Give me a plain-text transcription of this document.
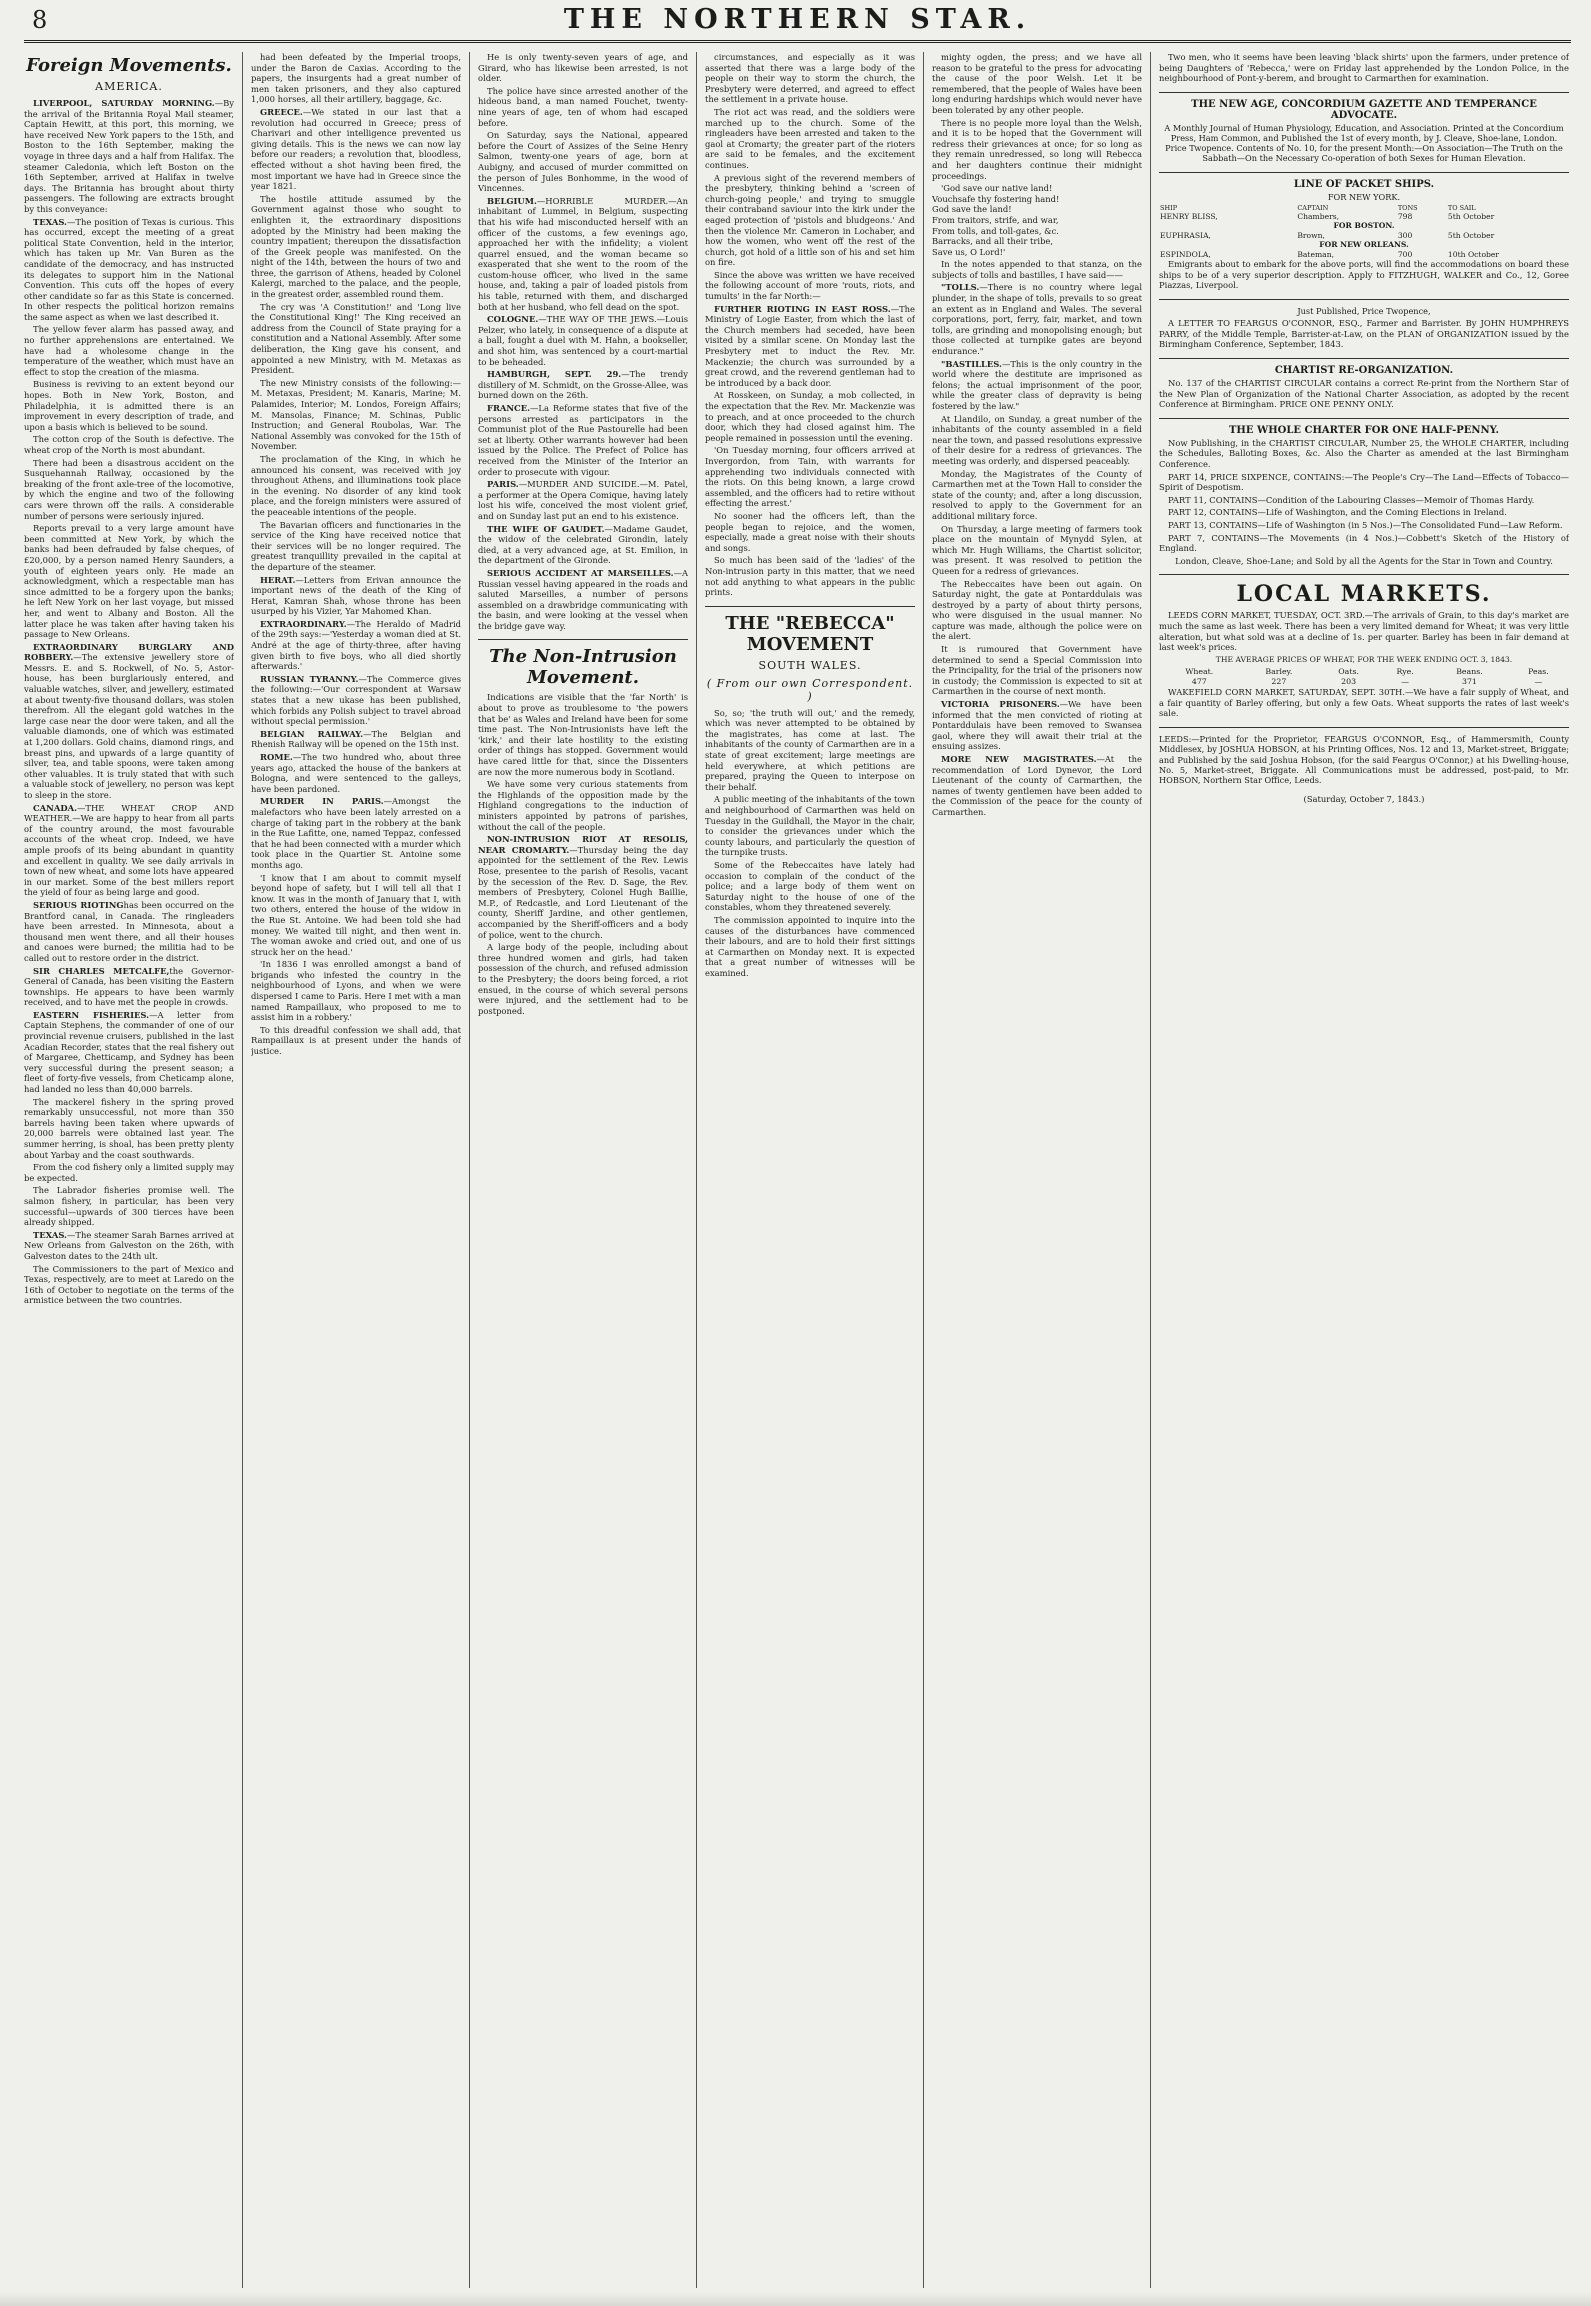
8	THE NORTHERN STAR.
Foreign Movements.
AMERICA.

LIVERPOOL, SATURDAY MORNING.—By the arrival of the Britannia Royal Mail steamer, Captain Hewitt, at this port, this morning, we have received New York papers to the 15th, and Boston to the 16th September, making the voyage in three days and a half from Halifax. The steamer Caledonia, which left Boston on the 16th September, arrived at Halifax in twelve days. The Britannia has brought about thirty passengers. The following are extracts brought by this conveyance:

TEXAS.—The position of Texas is curious. This has occurred, except the meeting of a great political State Convention, held in the interior, which has taken up Mr. Van Buren as the candidate of the democracy, and has instructed its delegates to support him in the National Convention. This cuts off the hopes of every other candidate so far as this State is concerned. In other respects the political horizon remains the same aspect as when we last described it.

The yellow fever alarm has passed away, and no further apprehensions are entertained. We have had a wholesome change in the temperature of the weather, which must have an effect to stop the creation of the miasma.

Business is reviving to an extent beyond our hopes. Both in New York, Boston, and Philadelphia, it is admitted there is an improvement in every description of trade, and upon a basis which is believed to be sound.

The cotton crop of the South is defective. The wheat crop of the North is most abundant.

There had been a disastrous accident on the Susquehannah Railway, occasioned by the breaking of the front axle-tree of the locomotive, by which the engine and two of the following cars were thrown off the rails. A considerable number of persons were seriously injured.

Reports prevail to a very large amount have been committed at New York, by which the banks had been defrauded by false cheques, of £20,000, by a person named Henry Saunders, a youth of eighteen years only. He made an acknowledgment, which a respectable man has since admitted to be a forgery upon the banks; he left New York on her last voyage, but missed her, and went to Albany and Boston. All the latter place he was taken after having taken his passage to New Orleans.

EXTRAORDINARY BURGLARY AND ROBBERY.—The extensive jewellery store of Messrs. E. and S. Rockwell, of No. 5, Astor-house, has been burglariously entered, and valuable watches, silver, and jewellery, estimated at about twenty-five thousand dollars, was stolen therefrom. All the elegant gold watches in the large case near the door were taken, and all the valuable diamonds, one of which was estimated at 1,200 dollars. Gold chains, diamond rings, and breast pins, and upwards of a large quantity of silver, tea, and table spoons, were taken among other valuables. It is truly stated that with such a valuable stock of jewellery, no person was kept to sleep in the store.

CANADA.—THE WHEAT CROP AND WEATHER.—We are happy to hear from all parts of the country around, the most favourable accounts of the wheat crop. Indeed, we have ample proofs of its being abundant in quantity and excellent in quality. We see daily arrivals in town of new wheat, and some lots have appeared in our market. Some of the best millers report the yield of four as being large and good.

SERIOUS RIOTINGhas been occurred on the Brantford canal, in Canada. The ringleaders have been arrested. In Minnesota, about a thousand men went there, and all their houses and canoes were burned; the militia had to be called out to restore order in the district.

SIR CHARLES METCALFE,the Governor-General of Canada, has been visiting the Eastern townships. He appears to have been warmly received, and to have met the people in crowds.

EASTERN FISHERIES.—A letter from Captain Stephens, the commander of one of our provincial revenue cruisers, published in the last Acadian Recorder, states that the real fishery out of Margaree, Chetticamp, and Sydney has been very successful during the present season; a fleet of forty-five vessels, from Cheticamp alone, had landed no less than 40,000 barrels.

The mackerel fishery in the spring proved remarkably unsuccessful, not more than 350 barrels having been taken where upwards of 20,000 barrels were obtained last year. The summer herring, is shoal, has been pretty plenty about Yarbay and the coast southwards.

From the cod fishery only a limited supply may be expected.

The Labrador fisheries promise well. The salmon fishery, in particular, has been very successful—upwards of 300 tierces have been already shipped.

TEXAS.—The steamer Sarah Barnes arrived at New Orleans from Galveston on the 26th, with Galveston dates to the 24th ult.

The Commissioners to the part of Mexico and Texas, respectively, are to meet at Laredo on the 16th of October to negotiate on the terms of the armistice between the two countries.

had been defeated by the Imperial troops, under the Baron de Caxias. According to the papers, the insurgents had a great number of men taken prisoners, and they also captured 1,000 horses, all their artillery, baggage, &c.

GREECE.—We stated in our last that a revolution had occurred in Greece; press of Charivari and other intelligence prevented us giving details. This is the news we can now lay before our readers; a revolution that, bloodless, effected without a shot having been fired, the most important we have had in Greece since the year 1821.

The hostile attitude assumed by the Government against those who sought to enlighten it, the extraordinary dispositions adopted by the Ministry had been making the country impatient; thereupon the dissatisfaction of the Greek people was manifested. On the night of the 14th, between the hours of two and three, the garrison of Athens, headed by Colonel Kalergi, marched to the palace, and the people, in the greatest order, assembled round them.

The cry was 'A Constitution!' and 'Long live the Constitutional King!' The King received an address from the Council of State praying for a constitution and a National Assembly. After some deliberation, the King gave his consent, and appointed a new Ministry, with M. Metaxas as President.

The new Ministry consists of the following:—M. Metaxas, President; M. Kanaris, Marine; M. Palamides, Interior; M. Londos, Foreign Affairs; M. Mansolas, Finance; M. Schinas, Public Instruction; and General Roubolas, War. The National Assembly was convoked for the 15th of November.

The proclamation of the King, in which he announced his consent, was received with joy throughout Athens, and illuminations took place in the evening. No disorder of any kind took place, and the foreign ministers were assured of the peaceable intentions of the people.

The Bavarian officers and functionaries in the service of the King have received notice that their services will be no longer required. The greatest tranquillity prevailed in the capital at the departure of the steamer.

HERAT.—Letters from Erivan announce the important news of the death of the King of Herat, Kamran Shah, whose throne has been usurped by his Vizier, Yar Mahomed Khan.

EXTRAORDINARY.—The Heraldo of Madrid of the 29th says:—'Yesterday a woman died at St. André at the age of thirty-three, after having given birth to five boys, who all died shortly afterwards.'

RUSSIAN TYRANNY.—The Commerce gives the following:—'Our correspondent at Warsaw states that a new ukase has been published, which forbids any Polish subject to travel abroad without special permission.'

BELGIAN RAILWAY.—The Belgian and Rhenish Railway will be opened on the 15th inst.

ROME.—The two hundred who, about three years ago, attacked the house of the bankers at Bologna, and were sentenced to the galleys, have been pardoned.

MURDER IN PARIS.—Amongst the malefactors who have been lately arrested on a charge of taking part in the robbery at the bank in the Rue Lafitte, one, named Teppaz, confessed that he had been connected with a murder which took place in the Quartier St. Antoine some months ago.

'I know that I am about to commit myself beyond hope of safety, but I will tell all that I know. It was in the month of January that I, with two others, entered the house of the widow in the Rue St. Antoine. We had been told she had money. We waited till night, and then went in. The woman awoke and cried out, and one of us struck her on the head.'

'In 1836 I was enrolled amongst a band of brigands who infested the country in the neighbourhood of Lyons, and when we were dispersed I came to Paris. Here I met with a man named Rampaillaux, who proposed to me to assist him in a robbery.'

To this dreadful confession we shall add, that Rampaillaux is at present under the hands of justice.

He is only twenty-seven years of age, and Girard, who has likewise been arrested, is not older.

The police have since arrested another of the hideous band, a man named Fouchet, twenty-nine years of age, ten of whom had escaped before.

On Saturday, says the National, appeared before the Court of Assizes of the Seine Henry Salmon, twenty-one years of age, born at Aubigny, and accused of murder committed on the person of Jules Bonhomme, in the wood of Vincennes.

BELGIUM.—HORRIBLE MURDER.—An inhabitant of Lummel, in Belgium, suspecting that his wife had misconducted herself with an officer of the customs, a few evenings ago, approached her with the infidelity; a violent quarrel ensued, and the woman became so exasperated that she went to the room of the custom-house officer, who lived in the same house, and, taking a pair of loaded pistols from his table, returned with them, and discharged both at her husband, who fell dead on the spot.

COLOGNE.—THE WAY OF THE JEWS.—Louis Pelzer, who lately, in consequence of a dispute at a ball, fought a duel with M. Hahn, a bookseller, and shot him, was sentenced by a court-martial to be beheaded.

HAMBURGH, SEPT. 29.—The trendy distillery of M. Schmidt, on the Grosse-Allee, was burned down on the 26th.

FRANCE.—La Reforme states that five of the persons arrested as participators in the Communist plot of the Rue Pastourelle had been set at liberty. Other warrants however had been issued by the Police. The Prefect of Police has received from the Minister of the Interior an order to prosecute with vigour.

PARIS.—MURDER AND SUICIDE.—M. Patel, a performer at the Opera Comique, having lately lost his wife, conceived the most violent grief, and on Sunday last put an end to his existence.

THE WIFE OF GAUDET.—Madame Gaudet, the widow of the celebrated Girondin, lately died, at a very advanced age, at St. Emilion, in the department of the Gironde.

SERIOUS ACCIDENT AT MARSEILLES.—A Russian vessel having appeared in the roads and saluted Marseilles, a number of persons assembled on a drawbridge communicating with the basin, and were looking at the vessel when the bridge gave way.

The Non-Intrusion Movement.

Indications are visible that the 'far North' is about to prove as troublesome to 'the powers that be' as Wales and Ireland have been for some time past. The Non-Intrusionists have left the 'kirk,' and their late hostility to the existing order of things has stopped. Government would have cared little for that, since the Dissenters are now the more numerous body in Scotland.

We have some very curious statements from the Highlands of the opposition made by the Highland congregations to the induction of ministers appointed by patrons of parishes, without the call of the people.

NON-INTRUSION RIOT AT RESOLIS, NEAR CROMARTY.—Thursday being the day appointed for the settlement of the Rev. Lewis Rose, presentee to the parish of Resolis, vacant by the secession of the Rev. D. Sage, the Rev. members of Presbytery, Colonel Hugh Baillie, M.P., of Redcastle, and Lord Lieutenant of the county, Sheriff Jardine, and other gentlemen, accompanied by the Sheriff-officers and a body of police, went to the church.

A large body of the people, including about three hundred women and girls, had taken possession of the church, and refused admission to the Presbytery; the doors being forced, a riot ensued, in the course of which several persons were injured, and the settlement had to be postponed.

circumstances, and especially as it was asserted that there was a large body of the people on their way to storm the church, the Presbytery were deterred, and agreed to effect the settlement in a private house.

The riot act was read, and the soldiers were marched up to the church. Some of the ringleaders have been arrested and taken to the gaol at Cromarty; the greater part of the rioters are said to be females, and the excitement continues.

A previous sight of the reverend members of the presbytery, thinking behind a 'screen of church-going people,' and trying to smuggle their contraband saviour into the kirk under the eaged protection of 'pistols and bludgeons.' And then the violence Mr. Cameron in Lochaber, and how the women, who went off the rest of the church, got hold of a little son of his and set him on fire.

Since the above was written we have received the following account of more 'routs, riots, and tumults' in the far North:—

FURTHER RIOTING IN EAST ROSS.—The Ministry of Logie Easter, from which the last of the Church members had seceded, have been visited by a similar scene. On Monday last the Presbytery met to induct the Rev. Mr. Mackenzie; the church was surrounded by a great crowd, and the reverend gentleman had to be introduced by a back door.

At Rosskeen, on Sunday, a mob collected, in the expectation that the Rev. Mr. Mackenzie was to preach, and at once proceeded to the church door, which they had closed against him. The people remained in possession until the evening.

'On Tuesday morning, four officers arrived at Invergordon, from Tain, with warrants for apprehending two individuals connected with the riots. On this being known, a large crowd assembled, and the officers had to retire without effecting the arrest.'

No sooner had the officers left, than the people began to rejoice, and the women, especially, made a great noise with their shouts and songs.

So much has been said of the 'ladies' of the Non-intrusion party in this matter, that we need not add anything to what appears in the public prints.

THE "REBECCA" MOVEMENT
SOUTH WALES.
( From our own Correspondent. )

So, so; 'the truth will out,' and the remedy, which was never attempted to be obtained by the magistrates, has come at last. The inhabitants of the county of Carmarthen are in a state of great excitement; large meetings are held everywhere, at which petitions are prepared, praying the Queen to interpose on their behalf.

A public meeting of the inhabitants of the town and neighbourhood of Carmarthen was held on Tuesday in the Guildhall, the Mayor in the chair, to consider the grievances under which the county labours, and particularly the question of the turnpike trusts.

Some of the Rebeccaites have lately had occasion to complain of the conduct of the police; and a large body of them went on Saturday night to the house of one of the constables, whom they threatened severely.

The commission appointed to inquire into the causes of the disturbances have commenced their labours, and are to hold their first sittings at Carmarthen on Monday next. It is expected that a great number of witnesses will be examined.

mighty ogden, the press; and we have all reason to be grateful to the press for advocating the cause of the poor Welsh. Let it be remembered, that the people of Wales have been long enduring hardships which would never have been tolerated by any other people.

There is no people more loyal than the Welsh, and it is to be hoped that the Government will redress their grievances at once; for so long as they remain unredressed, so long will Rebecca and her daughters continue their midnight proceedings.

'God save our native land!
Vouchsafe thy fostering hand!
God save the land!
From traitors, strife, and war,
From tolls, and toll-gates, &c.
Barracks, and all their tribe,
Save us, O Lord!'

In the notes appended to that stanza, on the subjects of tolls and bastilles, I have said——

"TOLLS.—There is no country where legal plunder, in the shape of tolls, prevails to so great an extent as in England and Wales. The several corporations, port, ferry, fair, market, and town tolls, are grinding and monopolising enough; but those collected at turnpike gates are beyond endurance."

"BASTILLES.—This is the only country in the world where the destitute are imprisoned as felons; the actual imprisonment of the poor, while the greater class of depravity is being fostered by the law."

At Llandilo, on Sunday, a great number of the inhabitants of the county assembled in a field near the town, and passed resolutions expressive of their desire for a redress of grievances. The meeting was orderly, and dispersed peaceably.

Monday, the Magistrates of the County of Carmarthen met at the Town Hall to consider the state of the county; and, after a long discussion, resolved to apply to the Government for an additional military force.

On Thursday, a large meeting of farmers took place on the mountain of Mynydd Sylen, at which Mr. Hugh Williams, the Chartist solicitor, was present. It was resolved to petition the Queen for a redress of grievances.

The Rebeccaites have been out again. On Saturday night, the gate at Pontarddulais was destroyed by a party of about thirty persons, who were disguised in the usual manner. No capture was made, although the police were on the alert.

It is rumoured that Government have determined to send a Special Commission into the Principality, for the trial of the prisoners now in custody; the Commission is expected to sit at Carmarthen in the course of next month.

VICTORIA PRISONERS.—We have been informed that the men convicted of rioting at Pontarddulais have been removed to Swansea gaol, where they will await their trial at the ensuing assizes.

MORE NEW MAGISTRATES.—At the recommendation of Lord Dynevor, the Lord Lieutenant of the county of Carmarthen, the names of twenty gentlemen have been added to the Commission of the peace for the county of Carmarthen.

Two men, who it seems have been leaving 'black shirts' upon the farmers, under pretence of being Daughters of 'Rebecca,' were on Friday last apprehended by the London Police, in the neighbourhood of Pont-y-berem, and brought to Carmarthen for examination.

THE NEW AGE, CONCORDIUM GAZETTE AND TEMPERANCE ADVOCATE.

A Monthly Journal of Human Physiology, Education, and Association. Printed at the Concordium Press, Ham Common, and Published the 1st of every month, by J. Cleave, Shoe-lane, London. Price Twopence. Contents of No. 10, for the present Month:—On Association—The Truth on the Sabbath—On the Necessary Co-operation of both Sexes for Human Elevation.

LINE OF PACKET SHIPS.
FOR NEW YORK.
SHIP	CAPTAIN	TONS	TO SAIL
HENRY BLISS,	Chambers,	798	5th October
FOR BOSTON.			
EUPHRASIA,	Brown,	300	5th October
FOR NEW ORLEANS.			
ESPINDOLA,	Bateman,	700	10th October

Emigrants about to embark for the above ports, will find the accommodations on board these ships to be of a very superior description. Apply to FITZHUGH, WALKER and Co., 12, Goree Piazzas, Liverpool.

Just Published, Price Twopence,

A LETTER TO FEARGUS O'CONNOR, ESQ., Farmer and Barrister. By JOHN HUMPHREYS PARRY, of the Middle Temple, Barrister-at-Law, on the PLAN of ORGANIZATION issued by the Birmingham Conference, September, 1843.

CHARTIST RE-ORGANIZATION.

No. 137 of the CHARTIST CIRCULAR contains a correct Re-print from the Northern Star of the New Plan of Organization of the National Charter Association, as adopted by the recent Conference at Birmingham. PRICE ONE PENNY ONLY.

THE WHOLE CHARTER FOR ONE HALF-PENNY.

Now Publishing, in the CHARTIST CIRCULAR, Number 25, the WHOLE CHARTER, including the Schedules, Balloting Boxes, &c. Also the Charter as amended at the last Birmingham Conference.

PART 14, PRICE SIXPENCE, CONTAINS:—The People's Cry—The Land—Effects of Tobacco—Spirit of Despotism.

PART 11, CONTAINS—Condition of the Labouring Classes—Memoir of Thomas Hardy.

PART 12, CONTAINS—Life of Washington, and the Coming Elections in Ireland.

PART 13, CONTAINS—Life of Washington (in 5 Nos.)—The Consolidated Fund—Law Reform.

PART 7, CONTAINS—The Movements (in 4 Nos.)—Cobbett's Sketch of the History of England.

London, Cleave, Shoe-Lane; and Sold by all the Agents for the Star in Town and Country.

LOCAL MARKETS.

LEEDS CORN MARKET, TUESDAY, OCT. 3RD.—The arrivals of Grain, to this day's market are much the same as last week. There has been a very limited demand for Wheat; it was very little alteration, but what sold was at a decline of 1s. per quarter. Barley has been in fair demand at last week's prices.

THE AVERAGE PRICES OF WHEAT, FOR THE WEEK ENDING OCT. 3, 1843.
Wheat.	Barley.	Oats.	Rye.	Beans.	Peas.
477	227	203	—	371	—

WAKEFIELD CORN MARKET, SATURDAY, SEPT. 30TH.—We have a fair supply of Wheat, and a fair quantity of Barley offering, but only a few Oats. Wheat supports the rates of last week's sale.

LEEDS:—Printed for the Proprietor, FEARGUS O'CONNOR, Esq., of Hammersmith, County Middlesex, by JOSHUA HOBSON, at his Printing Offices, Nos. 12 and 13, Market-street, Briggate; and Published by the said Joshua Hobson, (for the said Feargus O'Connor,) at his Dwelling-house, No. 5, Market-street, Briggate. All Communications must be addressed, post-paid, to Mr. HOBSON, Northern Star Office, Leeds.

(Saturday, October 7, 1843.)
